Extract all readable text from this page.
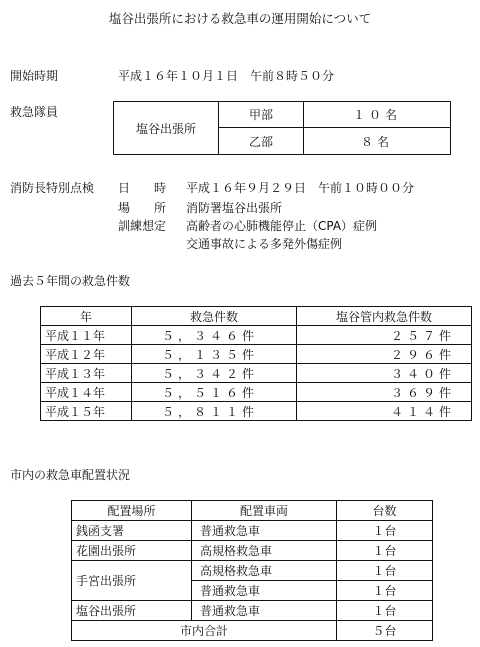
塩谷出張所における救急車の運用開始について
開始時期	平成１６年１０月１日　午前８時５０分
救急隊員
塩谷出張所	甲部	１０名
	乙部	８名
消防長特別点検 日　　時 平成１６年９月２９日　午前１０時００分
場　　所 消防署塩谷出張所
訓練想定 高齢者の心肺機能停止（CPA）症例
交通事故による多発外傷症例
過去５年間の救急件数
年	救急件数	塩谷管内救急件数
平成１１年	５，３４６件	２５７件
平成１２年	５，１３５件	２９６件
平成１３年	５，３４２件	３４０件
平成１４年	５，５１６件	３６９件
平成１５年	５，８１１件	４１４件
市内の救急車配置状況
配置場所	配置車両	台数
銭函支署	普通救急車	１台
花園出張所	高規格救急車	１台
手宮出張所	高規格救急車	１台
	普通救急車	１台
塩谷出張所	普通救急車	１台
市内合計		５台
